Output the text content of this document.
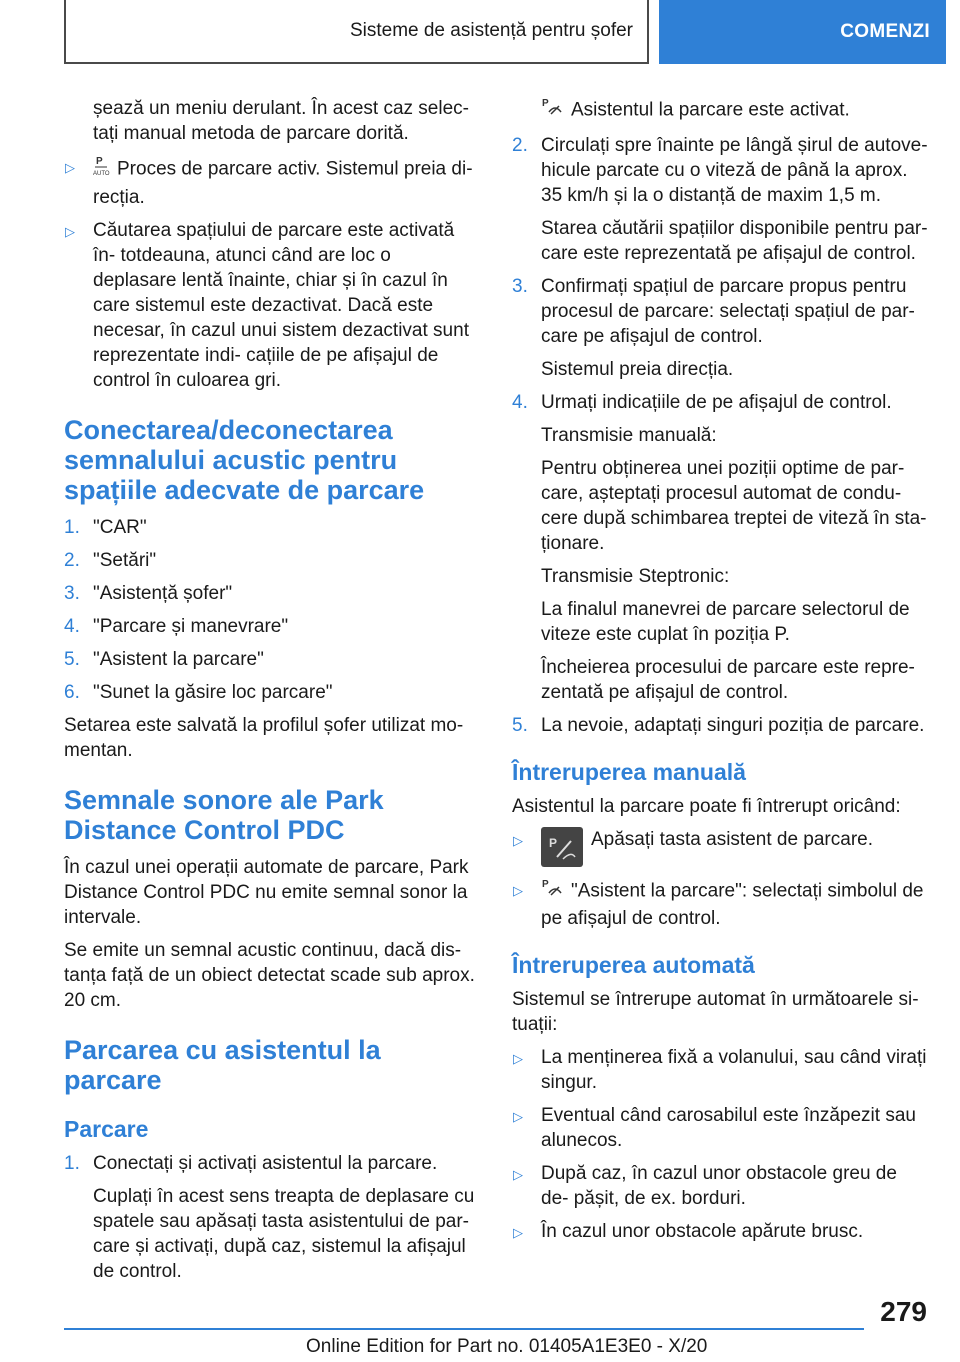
Sisteme de asistență pentru șofer	COMENZI

șează un meniu derulant. În acest caz selec‐ tați manual metoda de parcare dorită.

▷ P
AUTO Proces de parcare activ. Sistemul preia di‐ recția.
▷ Căutarea spațiului de parcare este activată în‐ totdeauna, atunci când are loc o deplasare lentă înainte, chiar și în cazul în care sistemul este dezactivat. Dacă este necesar, în cazul unui sistem dezactivat sunt reprezentate indi‐ cațiile de pe afișajul de control în culoarea gri.
Conectarea/deconectarea semnalului acustic pentru spațiile adecvate de parcare
1. "CAR"
2. "Setări"
3. "Asistență șofer"
4. "Parcare și manevrare"
5. "Asistent la parcare"
6. "Sunet la găsire loc parcare"

Setarea este salvată la profilul șofer utilizat mo‐ mentan.

Semnale sonore ale Park Distance Control PDC

În cazul unei operații automate de parcare, Park Distance Control PDC nu emite semnal sonor la intervale.

Se emite un semnal acustic continuu, dacă dis‐ tanța față de un obiect detectat scade sub aprox. 20 cm.

Parcarea cu asistentul la parcare
Parcare
1. Conectați și activați asistentul la parcare.

Cuplați în acest sens treapta de deplasare cu spatele sau apăsați tasta asistentului de par‐ care și activați, după caz, sistemul la afișajul de control.

P Asistentul la parcare este activat.

2. Circulați spre înainte pe lângă șirul de autove‐ hicule parcate cu o viteză de până la aprox. 35 km/h și la o distanță de maxim 1,5 m.

Starea căutării spațiilor disponibile pentru par‐ care este reprezentată pe afișajul de control.

3. Confirmați spațiul de parcare propus pentru procesul de parcare: selectați spațiul de par‐ care pe afișajul de control.

Sistemul preia direcția.

4. Urmați indicațiile de pe afișajul de control.

Transmisie manuală:

Pentru obținerea unei poziții optime de par‐ care, așteptați procesul automat de condu‐ cere după schimbarea treptei de viteză în sta‐ ționare.

Transmisie Steptronic:

La finalul manevrei de parcare selectorul de viteze este cuplat în poziția P.

Încheierea procesului de parcare este repre‐ zentată pe afișajul de control.

5. La nevoie, adaptați singuri poziția de parcare.
Întreruperea manuală

Asistentul la parcare poate fi întrerupt oricând:

▷ P Apăsați tasta asistent de parcare.
▷ P "Asistent la parcare": selectați simbolul de pe afișajul de control.
Întreruperea automată

Sistemul se întrerupe automat în următoarele si‐ tuații:

▷ La menținerea fixă a volanului, sau când virați singur.
▷ Eventual când carosabilul este înzăpezit sau alunecos.
▷ După caz, în cazul unor obstacole greu de de‐ pășit, de ex. borduri.
▷ În cazul unor obstacole apărute brusc.
279
Online Edition for Part no. 01405A1E3E0 - X/20
